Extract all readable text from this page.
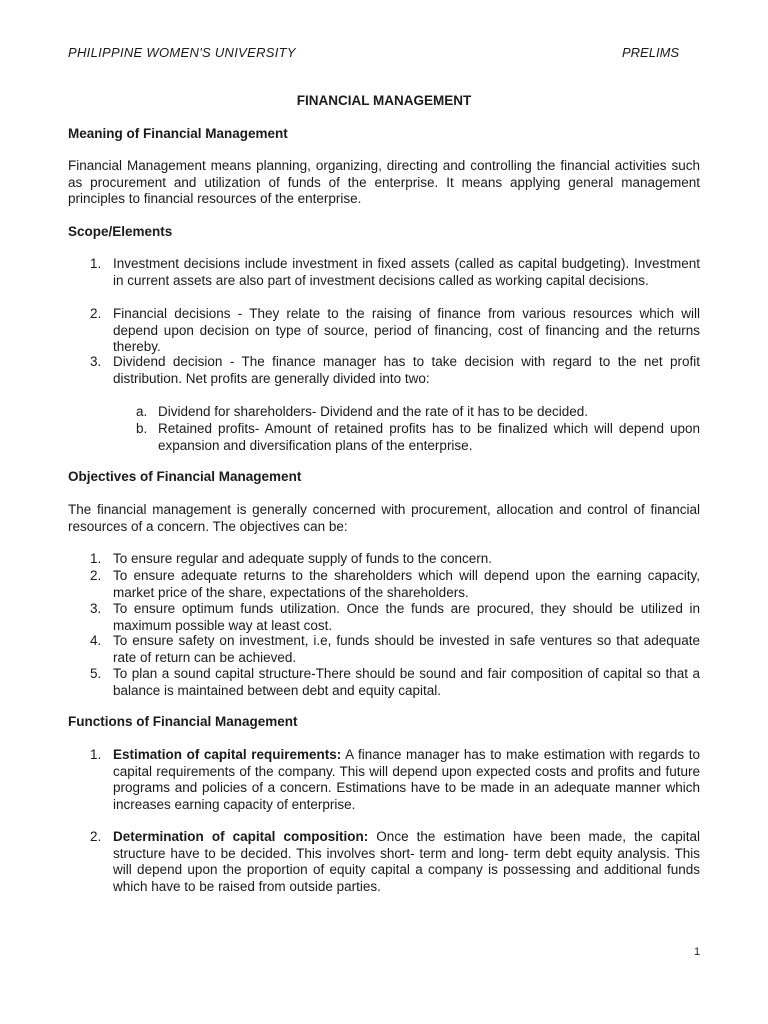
PHILIPPINE WOMEN'S UNIVERSITY	PRELIMS
FINANCIAL MANAGEMENT
Meaning of Financial Management
Financial Management means planning, organizing, directing and controlling the financial activities such as procurement and utilization of funds of the enterprise. It means applying general management principles to financial resources of the enterprise.
Scope/Elements
1. Investment decisions include investment in fixed assets (called as capital budgeting). Investment in current assets are also part of investment decisions called as working capital decisions.
2. Financial decisions - They relate to the raising of finance from various resources which will depend upon decision on type of source, period of financing, cost of financing and the returns thereby.
3. Dividend decision - The finance manager has to take decision with regard to the net profit distribution. Net profits are generally divided into two:
a. Dividend for shareholders- Dividend and the rate of it has to be decided.
b. Retained profits- Amount of retained profits has to be finalized which will depend upon expansion and diversification plans of the enterprise.
Objectives of Financial Management
The financial management is generally concerned with procurement, allocation and control of financial resources of a concern. The objectives can be:
1. To ensure regular and adequate supply of funds to the concern.
2. To ensure adequate returns to the shareholders which will depend upon the earning capacity, market price of the share, expectations of the shareholders.
3. To ensure optimum funds utilization. Once the funds are procured, they should be utilized in maximum possible way at least cost.
4. To ensure safety on investment, i.e, funds should be invested in safe ventures so that adequate rate of return can be achieved.
5. To plan a sound capital structure-There should be sound and fair composition of capital so that a balance is maintained between debt and equity capital.
Functions of Financial Management
1. Estimation of capital requirements: A finance manager has to make estimation with regards to capital requirements of the company. This will depend upon expected costs and profits and future programs and policies of a concern. Estimations have to be made in an adequate manner which increases earning capacity of enterprise.
2. Determination of capital composition: Once the estimation have been made, the capital structure have to be decided. This involves short- term and long- term debt equity analysis. This will depend upon the proportion of equity capital a company is possessing and additional funds which have to be raised from outside parties.
1
